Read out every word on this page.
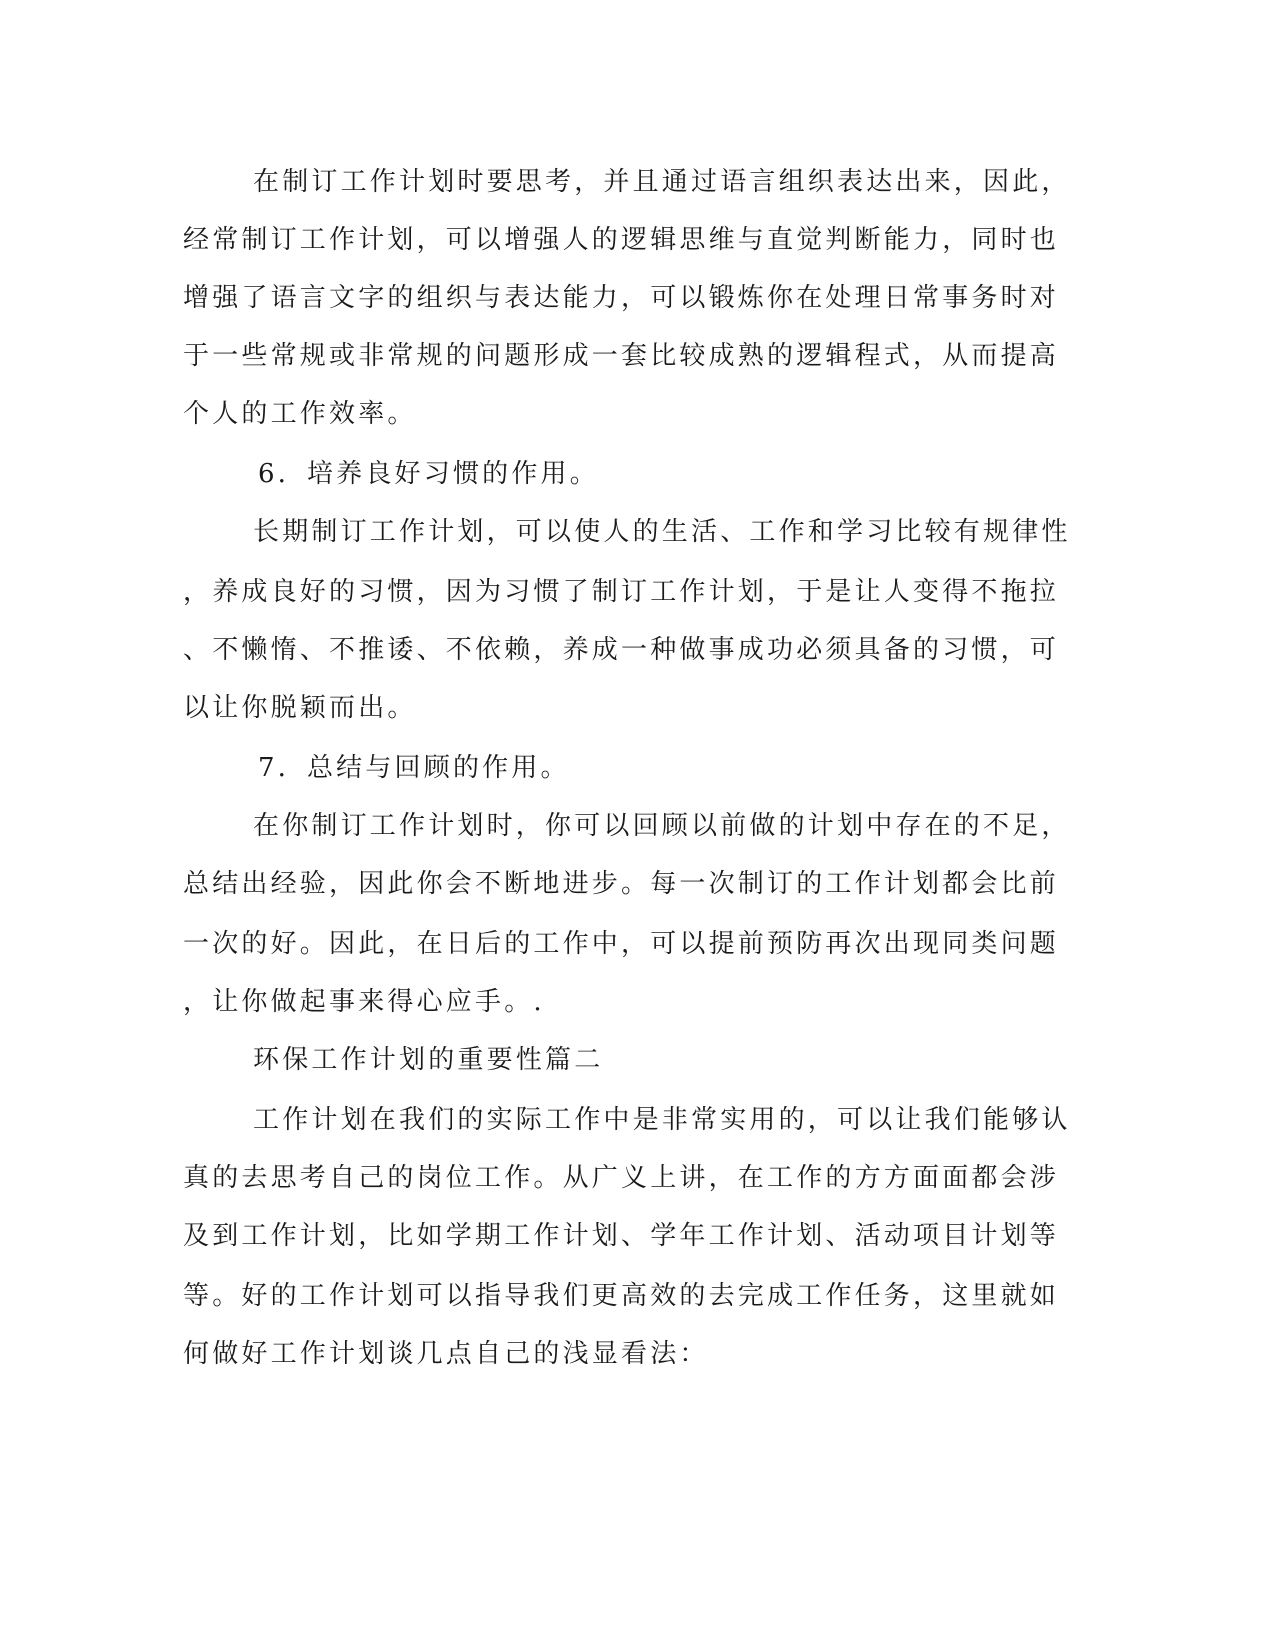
在制订工作计划时要思考，并且通过语言组织表达出来，因此，
经常制订工作计划，可以增强人的逻辑思维与直觉判断能力，同时也
增强了语言文字的组织与表达能力，可以锻炼你在处理日常事务时对
于一些常规或非常规的问题形成一套比较成熟的逻辑程式，从而提高
个人的工作效率。
6．培养良好习惯的作用。
长期制订工作计划，可以使人的生活、工作和学习比较有规律性
，养成良好的习惯，因为习惯了制订工作计划，于是让人变得不拖拉
、不懒惰、不推诿、不依赖，养成一种做事成功必须具备的习惯，可
以让你脱颖而出。
7．总结与回顾的作用。
在你制订工作计划时，你可以回顾以前做的计划中存在的不足，
总结出经验，因此你会不断地进步。每一次制订的工作计划都会比前
一次的好。因此，在日后的工作中，可以提前预防再次出现同类问题
，让你做起事来得心应手。.
环保工作计划的重要性篇二
工作计划在我们的实际工作中是非常实用的，可以让我们能够认
真的去思考自己的岗位工作。从广义上讲，在工作的方方面面都会涉
及到工作计划，比如学期工作计划、学年工作计划、活动项目计划等
等。好的工作计划可以指导我们更高效的去完成工作任务，这里就如
何做好工作计划谈几点自己的浅显看法：
